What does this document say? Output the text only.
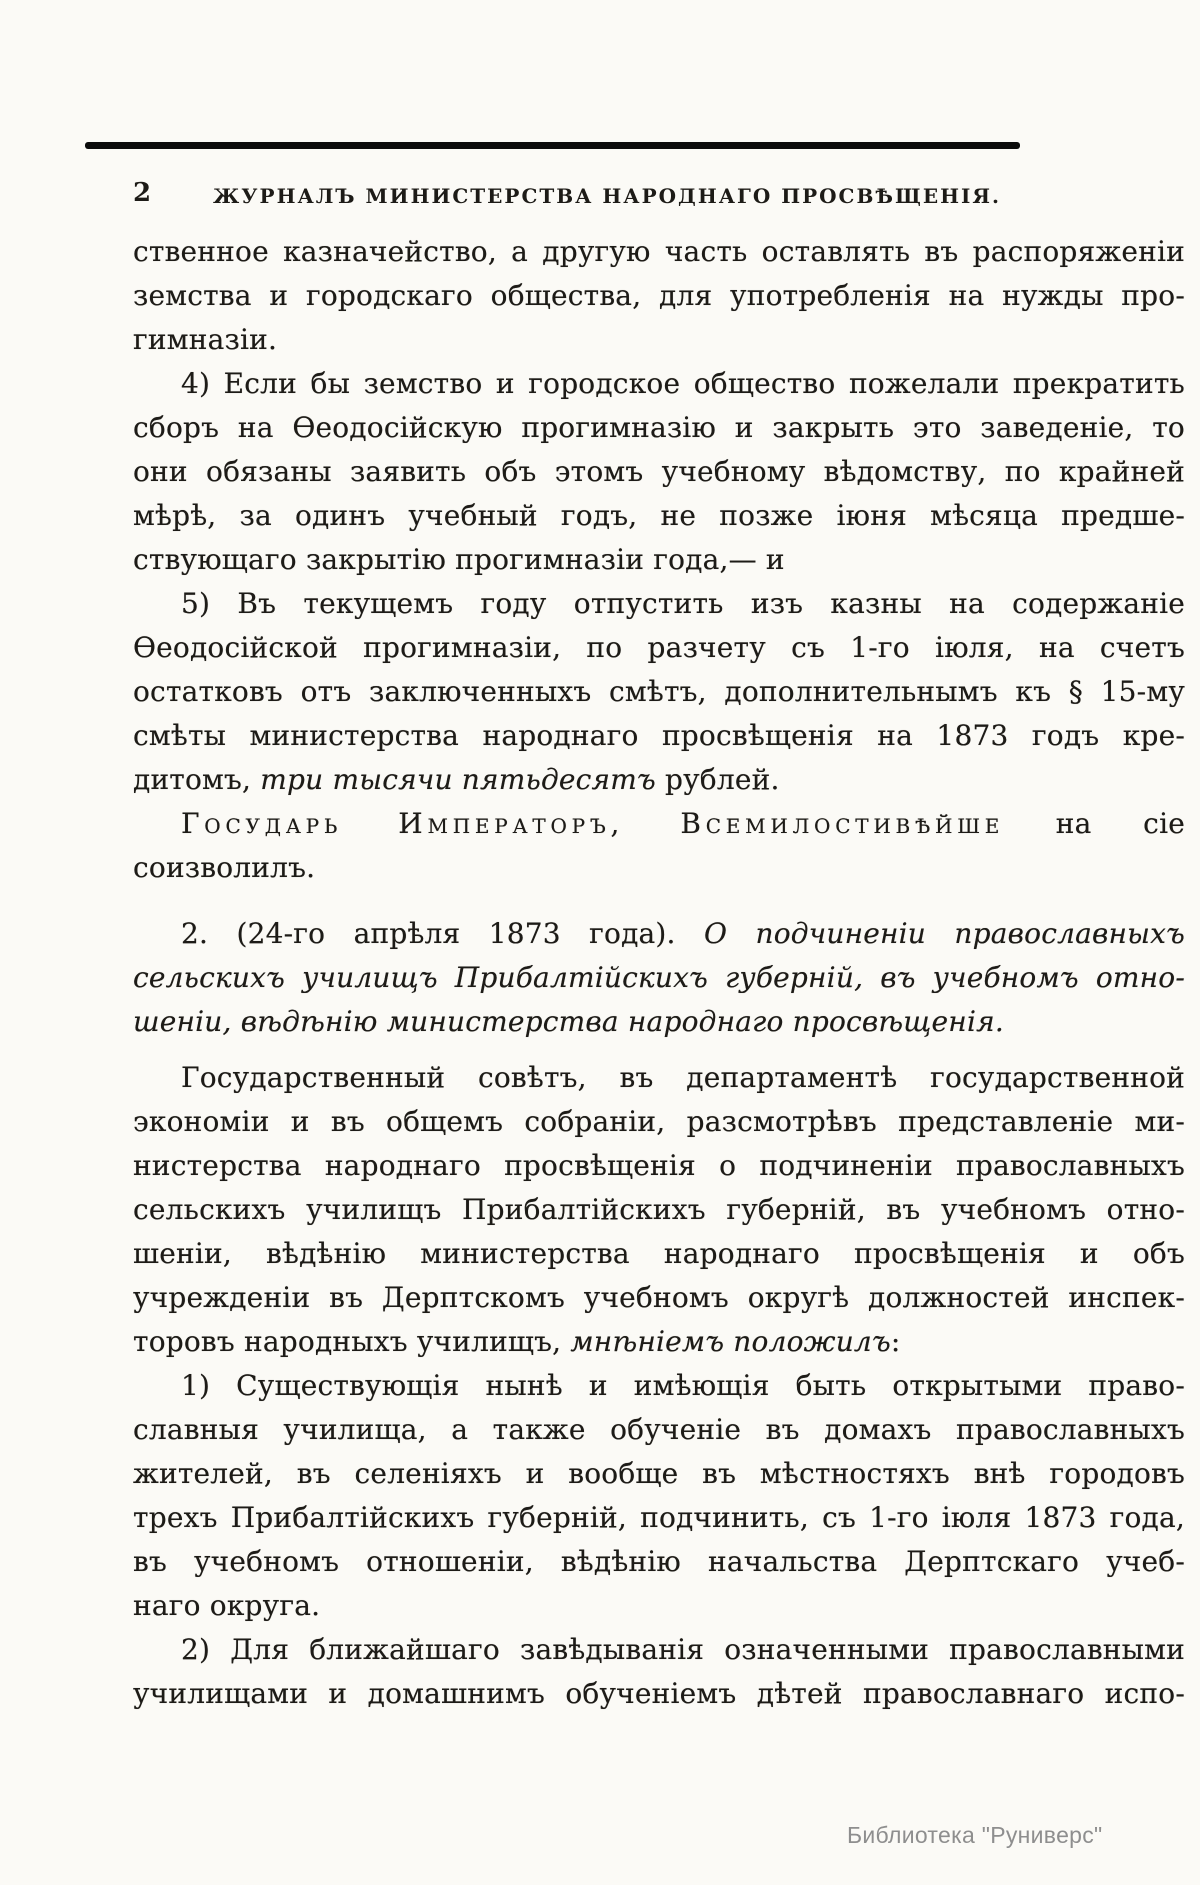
2	ЖУРНАЛЪ МИНИСТЕРСТВА НАРОДНАГО ПРОСВѢЩЕНІЯ.
ственное казначейство, а другую часть оставлять въ распоряженіи
земства и городскаго общества, для употребленія на нужды про-
гимназіи.
4) Если бы земство и городское общество пожелали прекратить
сборъ на Ѳеодосійскую прогимназію и закрыть это заведеніе, то
они обязаны заявить объ этомъ учебному вѣдомству, по крайней
мѣрѣ, за одинъ учебный годъ, не позже іюня мѣсяца предше-
ствующаго закрытію прогимназіи года,— и
5) Въ текущемъ году отпустить изъ казны на содержаніе
Ѳеодосійской прогимназіи, по разчету съ 1-го іюля, на счетъ
остатковъ отъ заключенныхъ смѣтъ, дополнительнымъ къ § 15-му
смѣты министерства народнаго просвѣщенія на 1873 годъ кре-
дитомъ, три тысячи пятьдесятъ рублей.
Государь Императоръ, Всемилостивѣйше на сіе
соизволилъ.
2. (24-го апрѣля 1873 года). О подчиненіи православныхъ
сельскихъ училищъ Прибалтійскихъ губерній, въ учебномъ отно-
шеніи, вѣдѣнію министерства народнаго просвѣщенія.
Государственный совѣтъ, въ департаментѣ государственной
экономіи и въ общемъ собраніи, разсмотрѣвъ представленіе ми-
нистерства народнаго просвѣщенія о подчиненіи православныхъ
сельскихъ училищъ Прибалтійскихъ губерній, въ учебномъ отно-
шеніи, вѣдѣнію министерства народнаго просвѣщенія и объ
учрежденіи въ Дерптскомъ учебномъ округѣ должностей инспек-
торовъ народныхъ училищъ, мнѣніемъ положилъ:
1) Существующія нынѣ и имѣющія быть открытыми право-
славныя училища, а также обученіе въ домахъ православныхъ
жителей, въ селеніяхъ и вообще въ мѣстностяхъ внѣ городовъ
трехъ Прибалтійскихъ губерній, подчинить, съ 1-го іюля 1873 года,
въ учебномъ отношеніи, вѣдѣнію начальства Дерптскаго учеб-
наго округа.
2) Для ближайшаго завѣдыванія означенными православными
училищами и домашнимъ обученіемъ дѣтей православнаго испо-
Библиотека "Руниверс"
